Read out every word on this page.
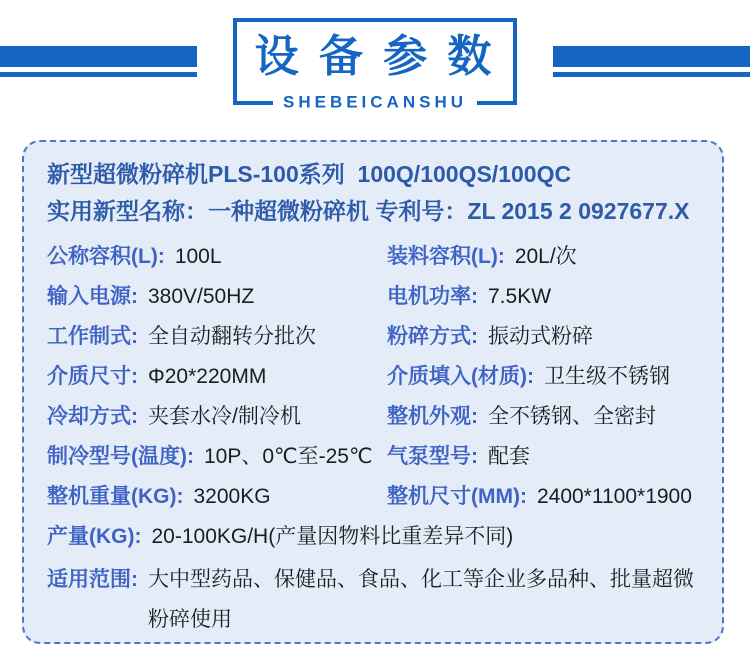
设 备 参 数
SHEBEICANSHU
新型超微粉碎机PLS-100系列  100Q/100QS/100QC
实用新型名称：一种超微粉碎机 专利号：ZL 2015 2 0927677.X
公称容积(L): 100L	装料容积(L): 20L/次
输入电源: 380V/50HZ	电机功率: 7.5KW
工作制式: 全自动翻转分批次	粉碎方式: 振动式粉碎
介质尺寸: Φ20*220MM	介质填入(材质): 卫生级不锈钢
冷却方式: 夹套水冷/制冷机	整机外观: 全不锈钢、全密封
制冷型号(温度): 10P、0℃至-25℃ 气泵型号: 配套
整机重量(KG): 3200KG	整机尺寸(MM): 2400*1100*1900
产量(KG): 20-100KG/H(产量因物料比重差异不同)
适用范围: 大中型药品、保健品、食品、化工等企业多品种、批量超微粉碎使用
